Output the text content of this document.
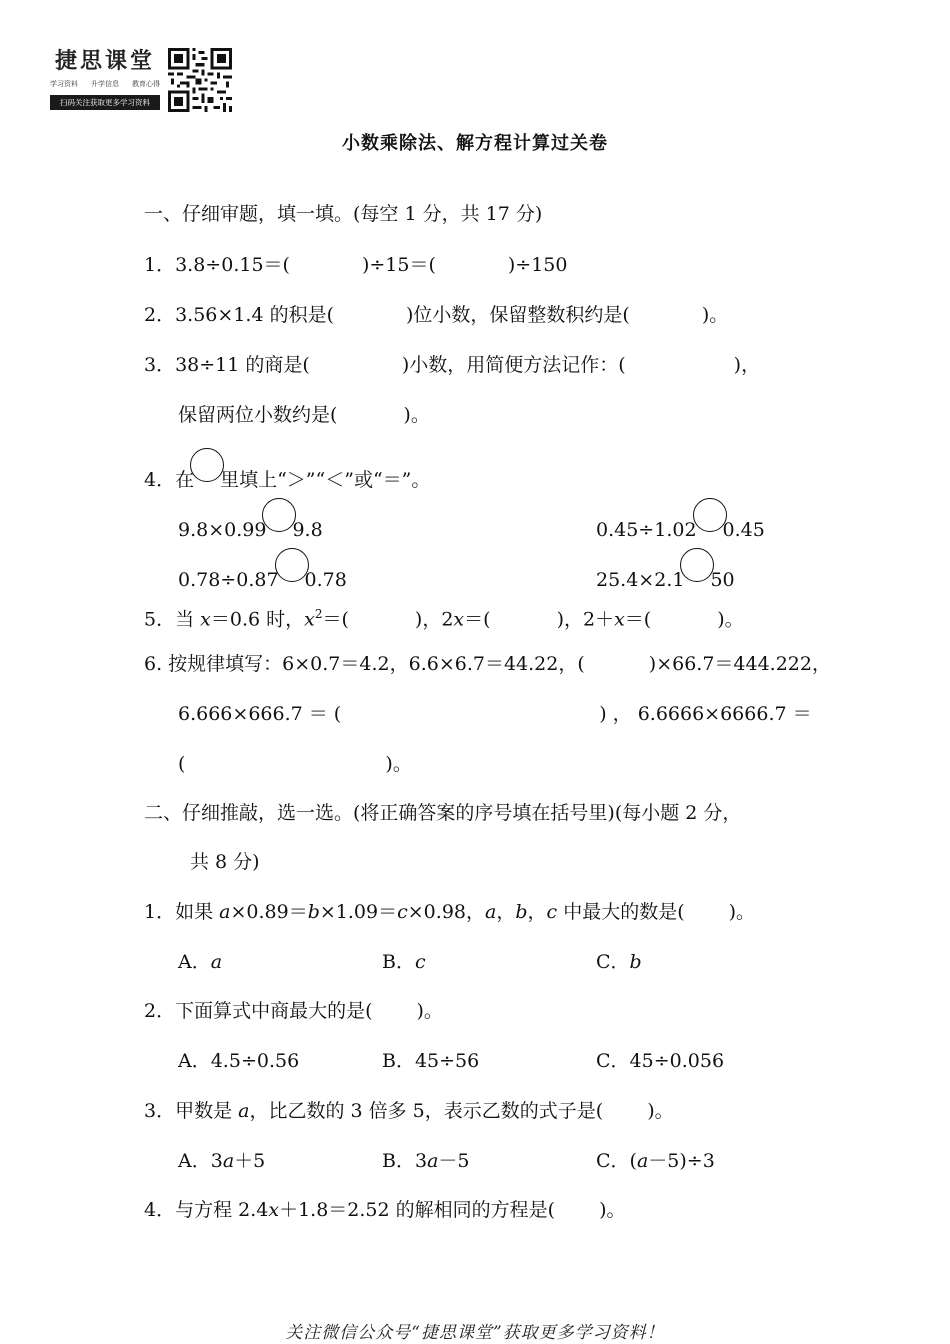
捷思课堂
学习资料 升学信息 教育心得
扫码关注获取更多学习资料
小数乘除法、解方程计算过关卷
一、仔细审题，填一填。(每空 1 分，共 17 分)
1．3.8÷0.15＝(	)÷15＝(	)÷150
2．3.56×1.4 的积是(	)位小数，保留整数积约是(	)。
3．38÷11 的商是(	)小数，用简便方法记作：(	)，
保留两位小数约是(	)。
4．在 里填上“＞”“＜”或“＝”。
9.8×0.99 9.8	0.45÷1.02 0.45
0.78÷0.87 0.78	25.4×2.1 50
5．当 x＝0.6 时，$x^2=$(	)，2x＝(	)，2＋x＝(	)。
6. 按规律填写：6×0.7＝4.2，6.6×6.7＝44.22，(	)×66.7＝444.222，
6.666×666.7 ＝ (	) ， 6.6666×6666.7 ＝
(	)。
二、仔细推敲，选一选。(将正确答案的序号填在括号里)(每小题 2 分，
共 8 分)
1．如果 a×0.89＝b×1.09＝c×0.98，a，b，c 中最大的数是( )。
A．a	B．c	C．b
2．下面算式中商最大的是( )。
A．4.5÷0.56	B．45÷56	C．45÷0.056
3．甲数是 a，比乙数的 3 倍多 5，表示乙数的式子是( )。
A．3a＋5	B．3a－5	C．(a－5)÷3
4．与方程 2.4x＋1.8＝2.52 的解相同的方程是( )。
关注微信公众号“捷思课堂”获取更多学习资料！
